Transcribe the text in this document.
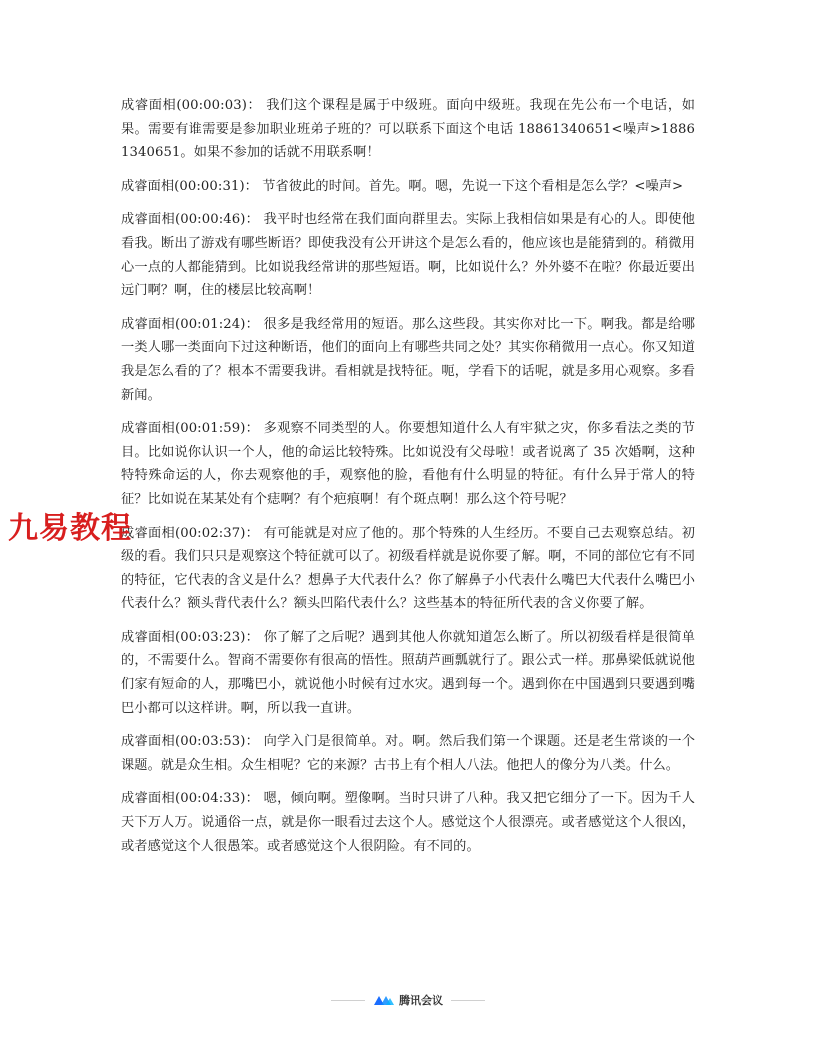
成睿面相(00:00:03)： 我们这个课程是属于中级班。面向中级班。我现在先公布一个电话，如果。需要有谁需要是参加职业班弟子班的？可以联系下面这个电话 18861340651<噪声>18861340651。如果不参加的话就不用联系啊！

成睿面相(00:00:31)： 节省彼此的时间。首先。啊。嗯，先说一下这个看相是怎么学？<噪声>

成睿面相(00:00:46)： 我平时也经常在我们面向群里去。实际上我相信如果是有心的人。即使他看我。断出了游戏有哪些断语？即使我没有公开讲这个是怎么看的，他应该也是能猜到的。稍微用心一点的人都能猜到。比如说我经常讲的那些短语。啊，比如说什么？外外婆不在啦？你最近要出远门啊？啊，住的楼层比较高啊！

成睿面相(00:01:24)： 很多是我经常用的短语。那么这些段。其实你对比一下。啊我。都是给哪一类人哪一类面向下过这种断语，他们的面向上有哪些共同之处？其实你稍微用一点心。你又知道我是怎么看的了？根本不需要我讲。看相就是找特征。呃，学看下的话呢，就是多用心观察。多看新闻。

成睿面相(00:01:59)： 多观察不同类型的人。你要想知道什么人有牢狱之灾，你多看法之类的节目。比如说你认识一个人，他的命运比较特殊。比如说没有父母啦！或者说离了 35 次婚啊，这种特特殊命运的人，你去观察他的手，观察他的脸，看他有什么明显的特征。有什么异于常人的特征？比如说在某某处有个痣啊？有个疤痕啊！有个斑点啊！那么这个符号呢？

成睿面相(00:02:37)： 有可能就是对应了他的。那个特殊的人生经历。不要自己去观察总结。初级的看。我们只只是观察这个特征就可以了。初级看样就是说你要了解。啊，不同的部位它有不同的特征，它代表的含义是什么？想鼻子大代表什么？你了解鼻子小代表什么嘴巴大代表什么嘴巴小代表什么？额头背代表什么？额头凹陷代表什么？这些基本的特征所代表的含义你要了解。

成睿面相(00:03:23)： 你了解了之后呢？遇到其他人你就知道怎么断了。所以初级看样是很简单的，不需要什么。智商不需要你有很高的悟性。照葫芦画瓢就行了。跟公式一样。那鼻梁低就说他们家有短命的人，那嘴巴小，就说他小时候有过水灾。遇到每一个。遇到你在中国遇到只要遇到嘴巴小都可以这样讲。啊，所以我一直讲。

成睿面相(00:03:53)： 向学入门是很简单。对。啊。然后我们第一个课题。还是老生常谈的一个课题。就是众生相。众生相呢？它的来源？古书上有个相人八法。他把人的像分为八类。什么。

成睿面相(00:04:33)： 嗯，倾向啊。塑像啊。当时只讲了八种。我又把它细分了一下。因为千人天下万人万。说通俗一点，就是你一眼看过去这个人。感觉这个人很漂亮。或者感觉这个人很凶，或者感觉这个人很愚笨。或者感觉这个人很阴险。有不同的。

九易教程
腾讯会议
